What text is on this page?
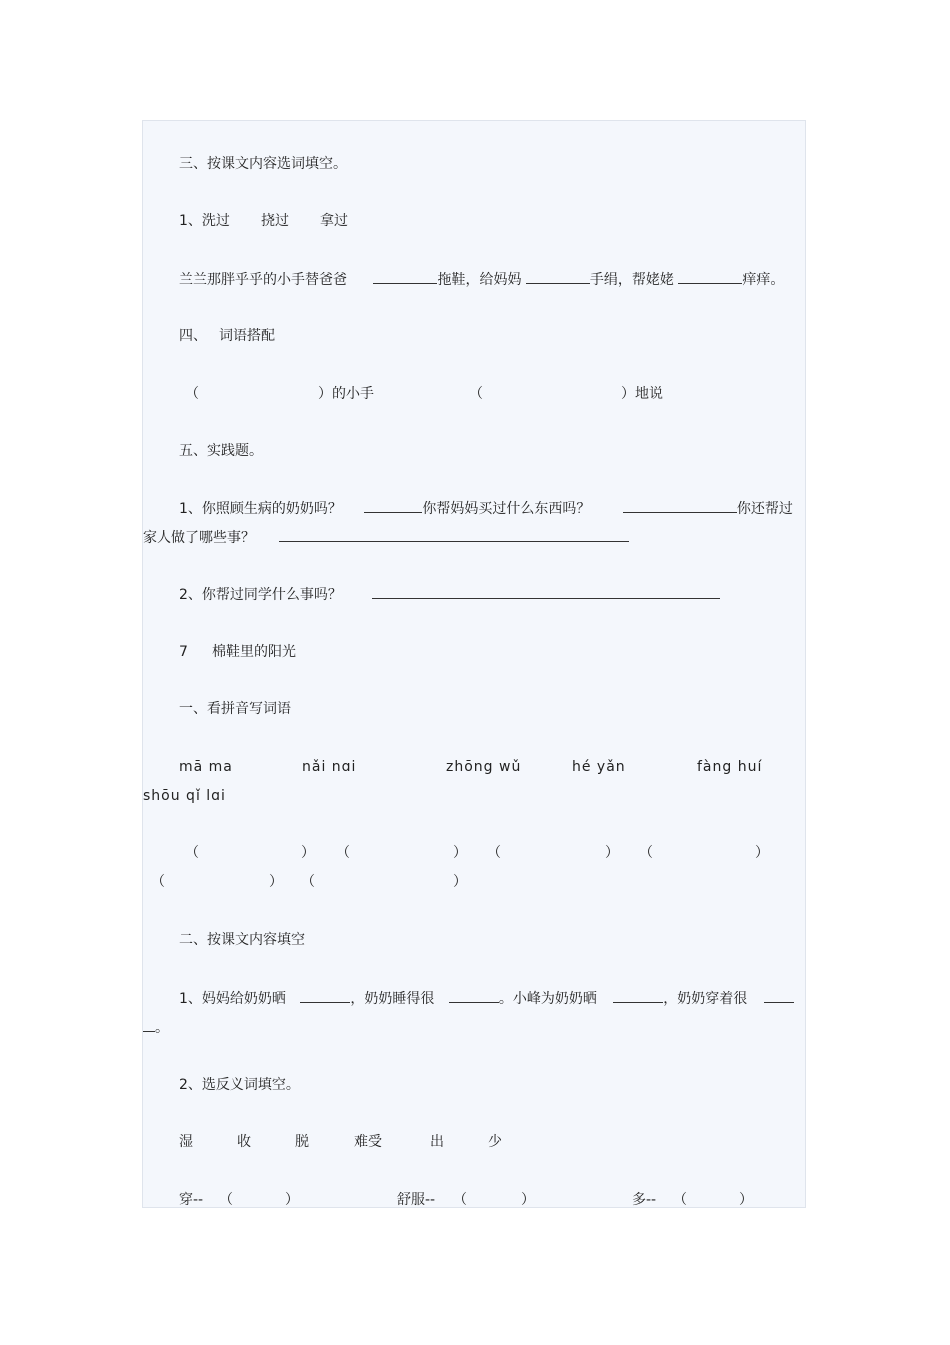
三、按课文内容选词填空。
1、洗过 挠过 拿过
兰兰那胖乎乎的小手替爸爸	拖鞋，给妈妈	手绢，帮姥姥	痒痒。
四、 词语搭配
（	）的小手	（	）地说
五、实践题。
1、你照顾生病的奶奶吗？	你帮妈妈买过什么东西吗？	你还帮过
家人做了哪些事？
2、你帮过同学什么事吗？
7 棉鞋里的阳光
一、看拼音写词语
mā ma	nǎi nɑi	zhōng wǔ	hé yǎn	fàng huí
shōu qǐ lɑi
（	） （	） （	） （	）
（	） （	）
二、按课文内容填空
1、妈妈给奶奶晒	，奶奶睡得很	。小峰为奶奶晒	，奶奶穿着很
。
2、选反义词填空。
湿	收	脱	难受	出	少
穿-- （	）	舒服-- （	）	多-- （	）
